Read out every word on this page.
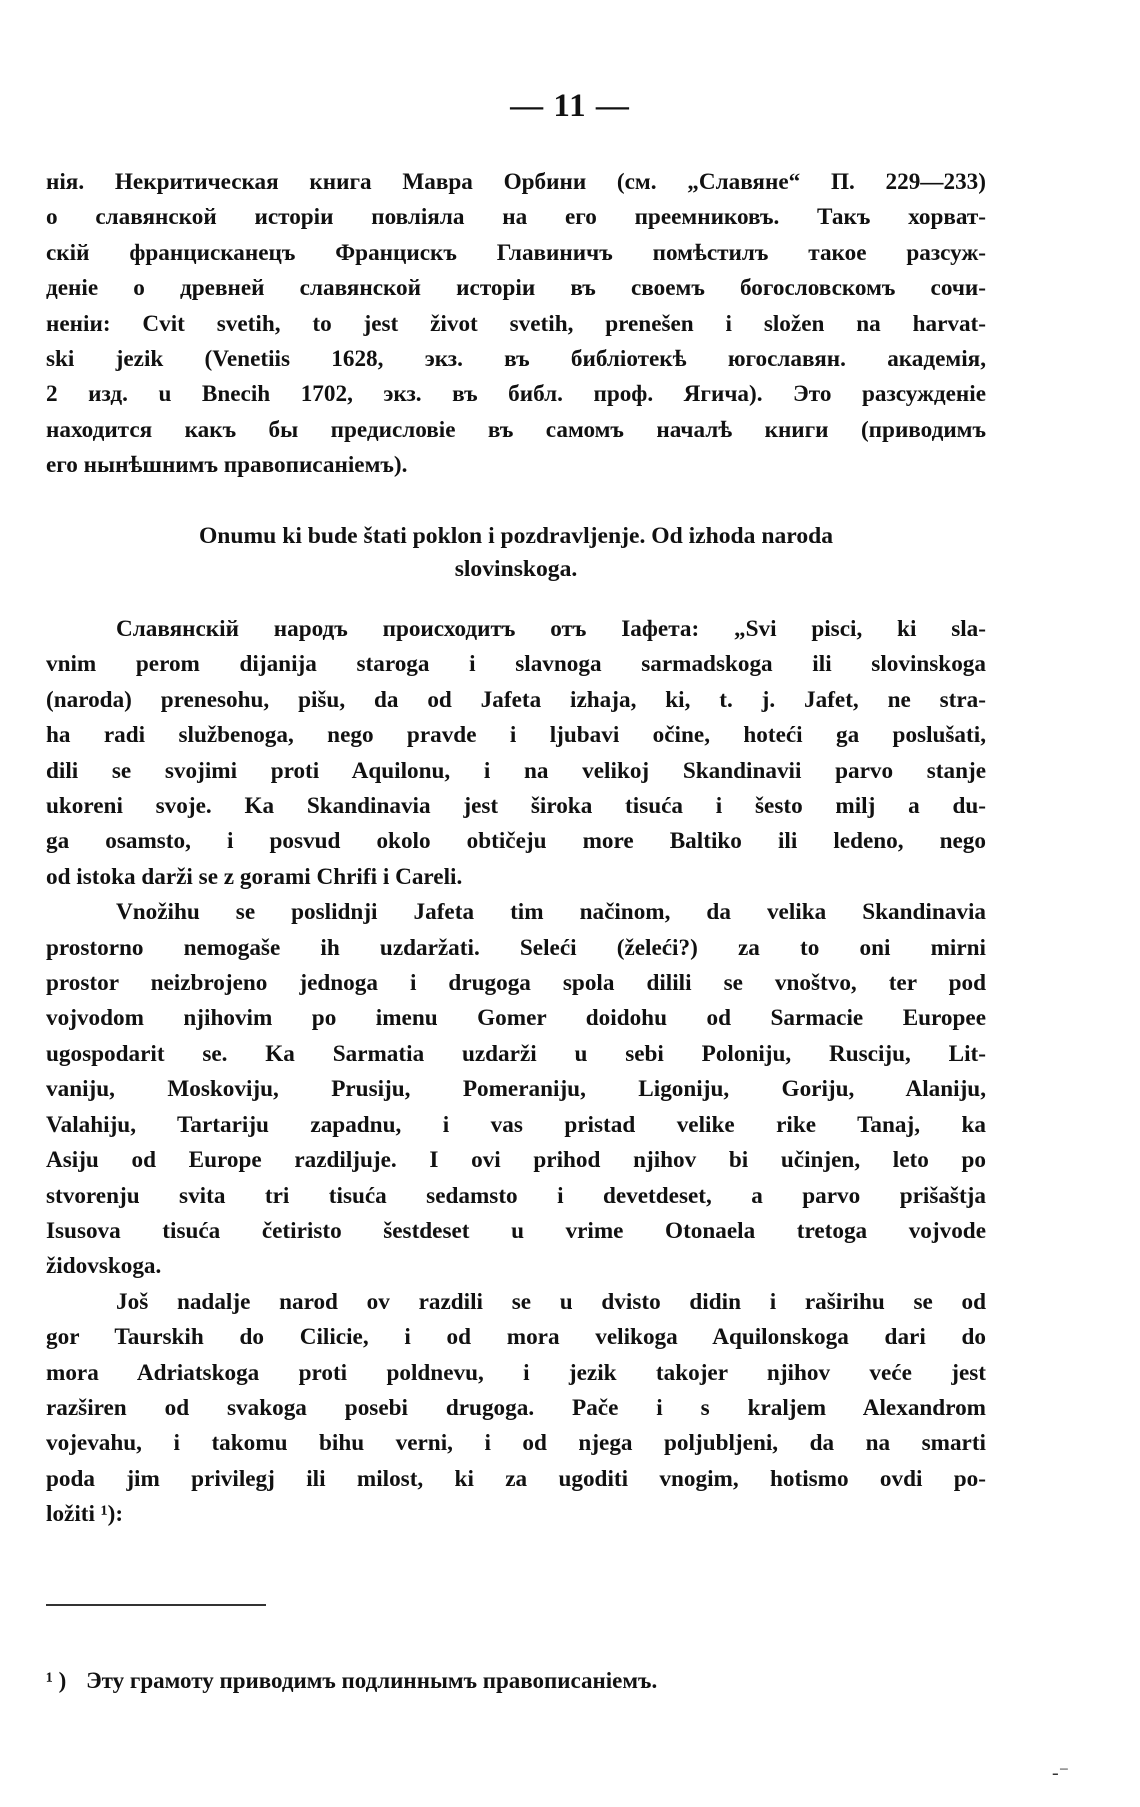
— 11 —
нія. Некритическая книга Мавра Орбини (см. „Славяне“ П. 229—233)
о славянской исторіи повліяла на его преемниковъ. Такъ хорват-
скій францисканецъ Францискъ Главиничъ помѣстилъ такое разсуж-
деніе о древней славянской исторіи въ своемъ богословскомъ сочи-
неніи: Cvit svetih, to jest život svetih, prenešen i složen na harvat-
ski jezik (Venetiis 1628, экз. въ библіотекѣ югославян. академія,
2 изд. u Bnecih 1702, экз. въ библ. проф. Ягича). Это разсужденіе
находится какъ бы предисловіе въ самомъ началѣ книги (приводимъ
его нынѣшнимъ правописаніемъ).
Onumu ki bude štati poklon i pozdravljenje. Od izhoda naroda
slovinskoga.
Славянскій народъ происходитъ отъ Іафета: „Svi pisci, ki sla-
vnim perom dijanija staroga i slavnoga sarmadskoga ili slovinskoga
(naroda) prenesohu, pišu, da od Jafeta izhaja, ki, t. j. Jafet, ne stra-
ha radi službenoga, nego pravde i ljubavi očine, hoteći ga poslušati,
dili se svojimi proti Aquilonu, i na velikoj Skandinavii parvo stanje
ukoreni svoje. Ka Skandinavia jest široka tisuća i šesto milj a du-
ga osamsto, i posvud okolo obtičeju more Baltiko ili ledeno, nego
od istoka darži se z gorami Chrifi i Careli.
Vnožihu se poslidnji Jafeta tim načinom, da velika Skandinavia
prostorno nemogaše ih uzdaržati. Seleći (želeći?) za to oni mirni
prostor neizbrojeno jednoga i drugoga spola dilili se vnoštvo, ter pod
vojvodom njihovim po imenu Gomer doidohu od Sarmacie Europee
ugospodarit se. Ka Sarmatia uzdarži u sebi Poloniju, Rusciju, Lit-
vaniju, Moskoviju, Prusiju, Pomeraniju, Ligoniju, Goriju, Alaniju,
Valahiju, Tartariju zapadnu, i vas pristad velike rike Tanaj, ka
Asiju od Europe razdiljuje. I ovi prihod njihov bi učinjen, leto po
stvorenju svita tri tisuća sedamsto i devetdeset, a parvo prišaštja
Isusova tisuća četiristo šestdeset u vrime Otonaela tretoga vojvode
židovskoga.
Još nadalje narod ov razdili se u dvisto didin i raširihu se od
gor Taurskih do Cilicie, i od mora velikoga Aquilonskoga dari do
mora Adriatskoga proti poldnevu, i jezik takojer njihov veće jest
razširen od svakoga posebi drugoga. Pače i s kraljem Alexandrom
vojevahu, i takomu bihu verni, i od njega poljubljeni, da na smarti
poda jim privilegj ili milost, ki za ugoditi vnogim, hotismo ovdi po-
ložiti ¹):
¹ ) Эту грамоту приводимъ подлиннымъ правописаніемъ.
-⁻
